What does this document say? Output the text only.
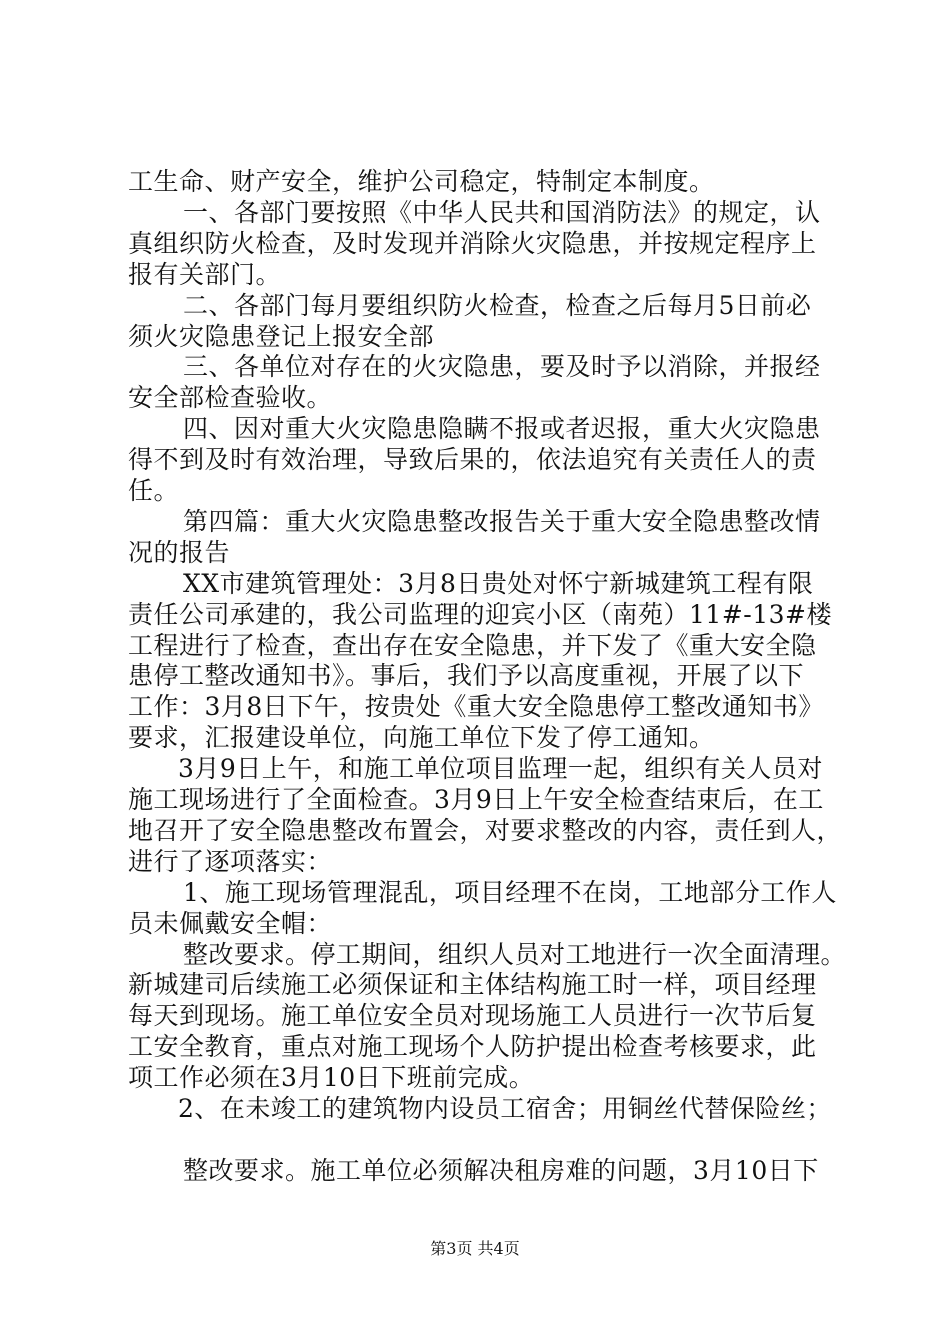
工生命、财产安全，维护公司稳定，特制定本制度。
一、各部门要按照《中华人民共和国消防法》的规定，认
真组织防火检查，及时发现并消除火灾隐患，并按规定程序上
报有关部门。
二、各部门每月要组织防火检查，检查之后每月5日前必
须火灾隐患登记上报安全部
三、各单位对存在的火灾隐患，要及时予以消除，并报经
安全部检查验收。
四、因对重大火灾隐患隐瞒不报或者迟报，重大火灾隐患
得不到及时有效治理，导致后果的，依法追究有关责任人的责
任。
第四篇：重大火灾隐患整改报告关于重大安全隐患整改情
况的报告
XX市建筑管理处：3月8日贵处对怀宁新城建筑工程有限
责任公司承建的，我公司监理的迎宾小区（南苑）11#-13#楼
工程进行了检查，查出存在安全隐患，并下发了《重大安全隐
患停工整改通知书》。事后，我们予以高度重视，开展了以下
工作：3月8日下午，按贵处《重大安全隐患停工整改通知书》
要求，汇报建设单位，向施工单位下发了停工通知。
3月9日上午，和施工单位项目监理一起，组织有关人员对
施工现场进行了全面检查。3月9日上午安全检查结束后，在工
地召开了安全隐患整改布置会，对要求整改的内容，责任到人，
进行了逐项落实：
1、施工现场管理混乱，项目经理不在岗，工地部分工作人
员未佩戴安全帽：
整改要求。停工期间，组织人员对工地进行一次全面清理。
新城建司后续施工必须保证和主体结构施工时一样，项目经理
每天到现场。施工单位安全员对现场施工人员进行一次节后复
工安全教育，重点对施工现场个人防护提出检查考核要求，此
项工作必须在3月10日下班前完成。
2、在未竣工的建筑物内设员工宿舍；用铜丝代替保险丝；
整改要求。施工单位必须解决租房难的问题，3月10日下
第3页 共4页
